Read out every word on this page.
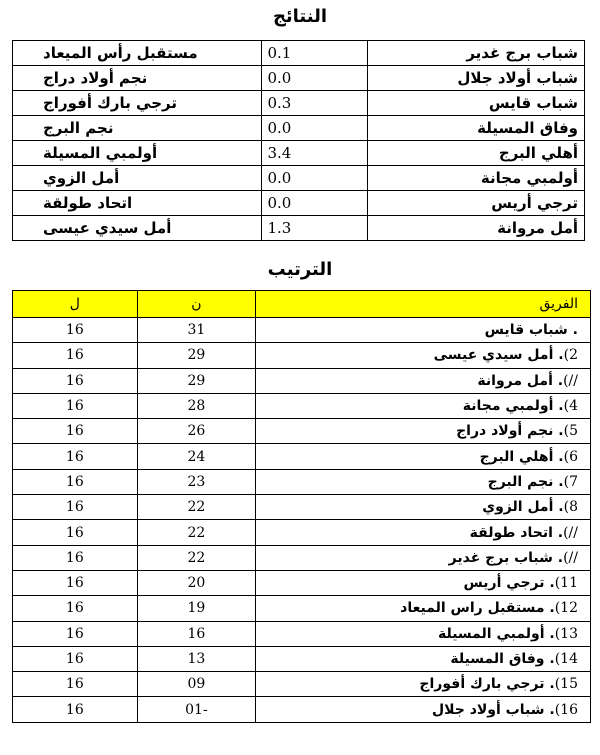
النتائج
مستقبل رأس الميعاد	0.1	شباب برج غدير
نجم أولاد دراج	0.0	شباب أولاد جلال
ترجي بارك أفوراج	0.3	شباب قايس
نجم البرج	0.0	وفاق المسيلة
أولمبي المسيلة	3.4	أهلي البرج
أمل الزوي	0.0	أولمبي مجانة
اتحاد طولقة	0.0	ترجي أريس
أمل سيدي عيسى	1.3	أمل مروانة
الترتيب
ل	ن	الفريق
16	31	. شباب قايس
16	29	2). أمل سيدي عيسى
16	29	//). أمل مروانة
16	28	4). أولمبي مجانة
16	26	5). نجم أولاد دراج
16	24	6). أهلي البرج
16	23	7). نجم البرج
16	22	8). أمل الزوي
16	22	//). اتحاد طولقة
16	22	//). شباب برج غدير
16	20	11). ترجي أريس
16	19	12). مستقبل راس الميعاد
16	16	13). أولمبي المسيلة
16	13	14). وفاق المسيلة
16	09	15). ترجي بارك أفوراج
16	01-	16). شباب أولاد جلال
